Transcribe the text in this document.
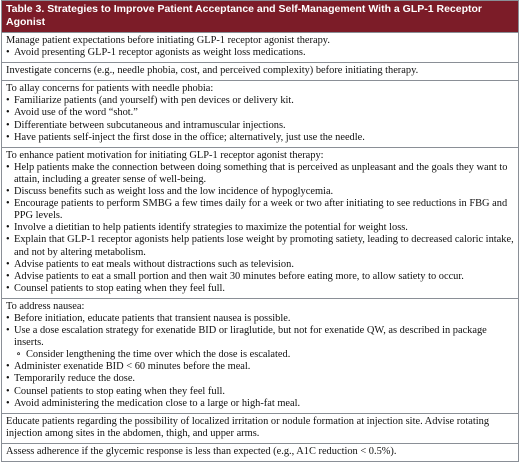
Table 3. Strategies to Improve Patient Acceptance and Self-Management With a GLP-1 Receptor Agonist

Manage patient expectations before initiating GLP-1 receptor agonist therapy.

• Avoid presenting GLP-1 receptor agonists as weight loss medications.

Investigate concerns (e.g., needle phobia, cost, and perceived complexity) before initiating therapy.

To allay concerns for patients with needle phobia:

• Familiarize patients (and yourself) with pen devices or delivery kit.
• Avoid use of the word “shot.”
• Differentiate between subcutaneous and intramuscular injections.
• Have patients self-inject the first dose in the office; alternatively, just use the needle.

To enhance patient motivation for initiating GLP-1 receptor agonist therapy:

• Help patients make the connection between doing something that is perceived as unpleasant and the goals they want to attain, including a greater sense of well-being.
• Discuss benefits such as weight loss and the low incidence of hypoglycemia.
• Encourage patients to perform SMBG a few times daily for a week or two after initiating to see reductions in FBG and PPG levels.
• Involve a dietitian to help patients identify strategies to maximize the potential for weight loss.
• Explain that GLP-1 receptor agonists help patients lose weight by promoting satiety, leading to decreased caloric intake, and not by altering metabolism.
• Advise patients to eat meals without distractions such as television.
• Advise patients to eat a small portion and then wait 30 minutes before eating more, to allow satiety to occur.
• Counsel patients to stop eating when they feel full.

To address nausea:

• Before initiation, educate patients that transient nausea is possible.
• Use a dose escalation strategy for exenatide BID or liraglutide, but not for exenatide QW, as described in package inserts.
∘ Consider lengthening the time over which the dose is escalated.
• Administer exenatide BID < 60 minutes before the meal.
• Temporarily reduce the dose.
• Counsel patients to stop eating when they feel full.
• Avoid administering the medication close to a large or high-fat meal.

Educate patients regarding the possibility of localized irritation or nodule formation at injection site. Advise rotating injection among sites in the abdomen, thigh, and upper arms.

Assess adherence if the glycemic response is less than expected (e.g., A1C reduction < 0.5%).
